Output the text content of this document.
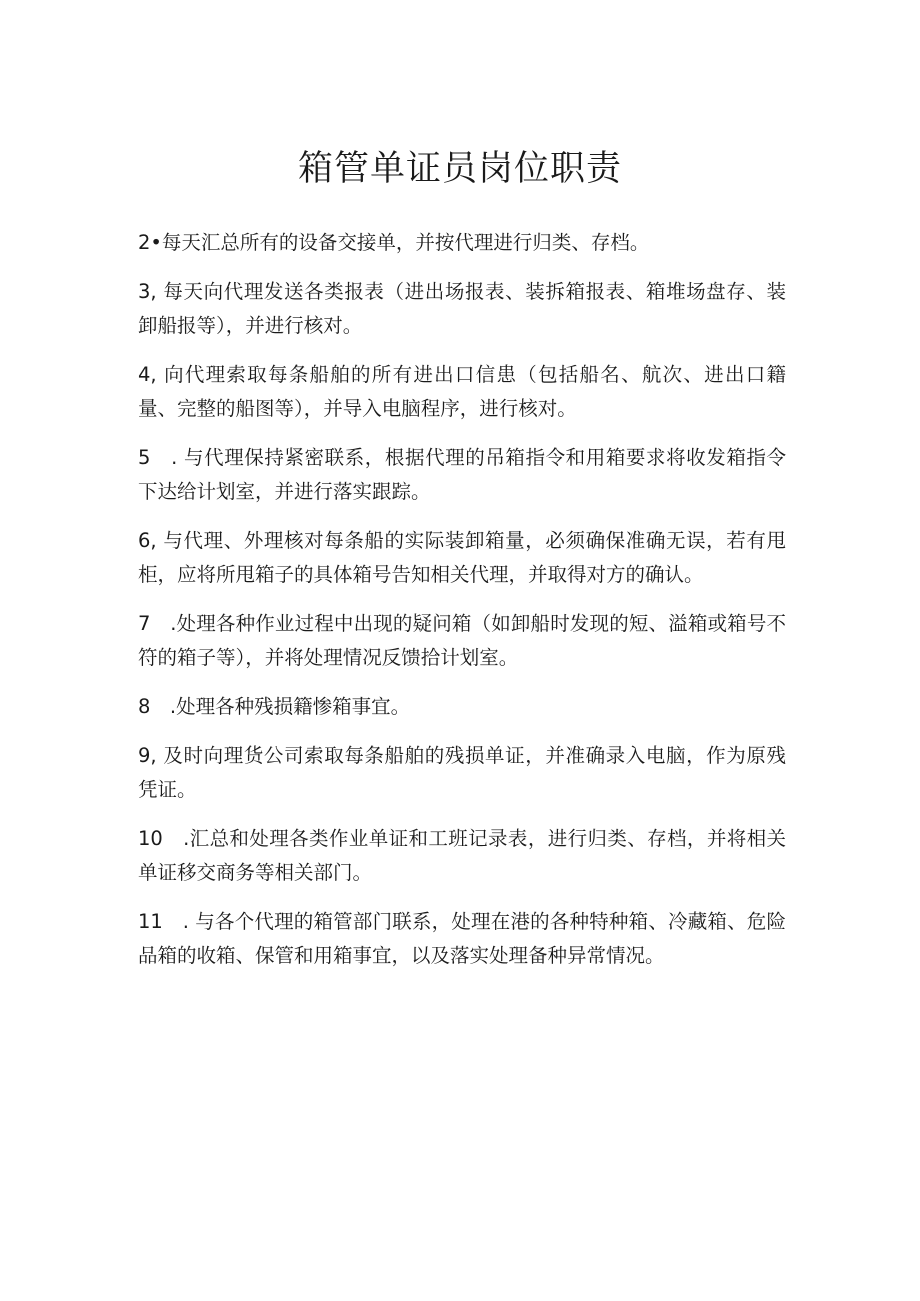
箱管单证员岗位职责

2•每天汇总所有的设备交接单，并按代理进行归类、存档。

3, 每天向代理发送各类报表（进出场报表、装拆箱报表、箱堆场盘存、装卸船报等），并进行核对。

4, 向代理索取每条船舶的所有进出口信患（包括船名、航次、进出口籍量、完整的船图等），并导入电脑程序，进行核对。

5　. 与代理保持紧密联系，根据代理的吊箱指令和用箱要求将收发箱指令下达给计划室，并进行落实跟踪。

6, 与代理、外理核对每条船的实际装卸箱量，必须确保准确无误，若有甩柜，应将所甩箱子的具体箱号告知相关代理，并取得对方的确认。

7　.处理各种作业过程中出现的疑问箱（如卸船时发现的短、溢箱或箱号不符的箱子等），并将处理情况反馈拾计划室。

8　.处理各种残损籍惨箱事宜。

9, 及时向理货公司索取每条船舶的残损单证，并准确录入电脑，作为原残凭证。

10　.汇总和处理各类作业单证和工班记录表，进行归类、存档，并将相关单证移交商务等相关部门。

11　. 与各个代理的箱管部门联系，处理在港的各种特种箱、冷藏箱、危险品箱的收箱、保管和用箱事宜，以及落实处理备种异常情况。
